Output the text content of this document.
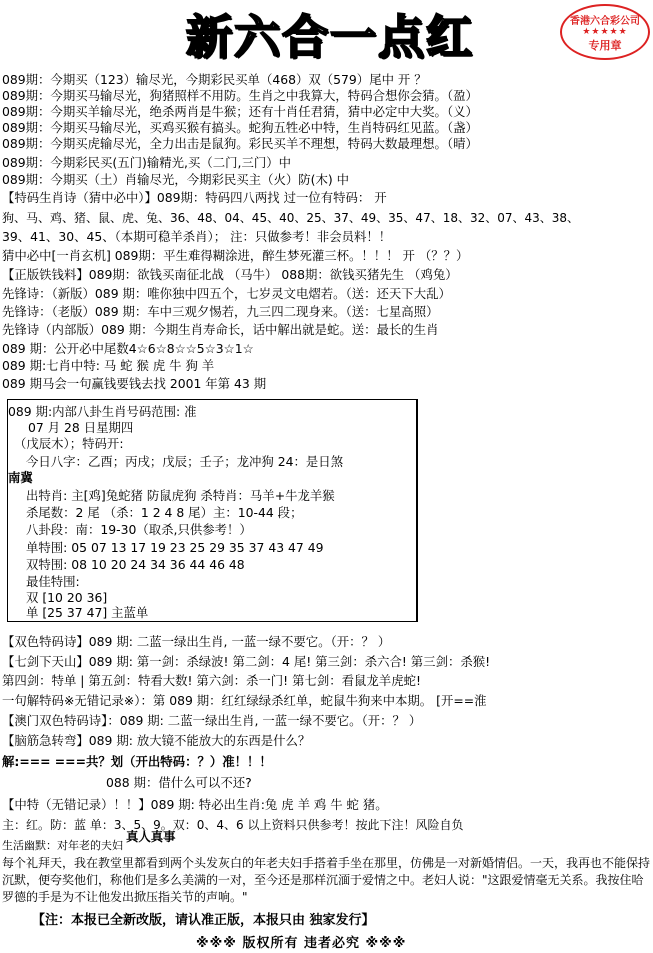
新六合一点红	香港六合彩公司
★★★★★
专用章
089期：今期买（123）输尽光，今期彩民买单（468）双（579）尾中 开 ？
089期：今期买马输尽光，狗猪照样不用防。生肖之中我算大，特码合想你会猜。（盈）
089期：今期买羊输尽光，绝杀两肖是牛猴；还有十肖任君猜，猜中必定中大奖。（义）
089期：今期买马输尽光，买鸡买猴有搞头。蛇狗五牲必中特，生肖特码红见蓝。（盏）
089期：今期买虎输尽光，全力出击是鼠狗。彩民买羊不理想，特码大数最理想。（晴）
089期：今期彩民买(五门)输精光,买（二门,三门）中
089期：今期买（土）肖输尽光，今期彩民买主（火）防(木) 中
【特码生肖诗（猜中必中）】089期：特码四八两找 过一位有特码： 开
狗、马、鸡、猪、鼠、虎、兔、36、48、04、45、40、25、37、49、35、47、18、32、07、43、38、
39、41、30、45、（本期可稳羊杀肖）； 注：只做参考！非会员料！！
猜中必中[一肖玄机] 089期：平生难得糊涂进，醉生梦死灌三杯。！！！ 开 （？？）
【正版铁钱料】089期：欲钱买南征北战 （马牛） 088期：欲钱买猪先生 （鸡兔）
先锋诗：（新版）089 期：唯你独中四五个，七岁灵文电熠若。（送：还天下大乱）
先锋诗：（老版）089 期：车中三观夕惕若，九三四二现身来。（送：七星高照）
先锋诗（内部版）089 期：今期生肖寿命长，话中解出就是蛇。送：最长的生肖
089 期：公开必中尾数4☆6☆8☆☆5☆3☆1☆
089 期:七肖中特: 马 蛇 猴 虎 牛 狗 羊
089 期马会一句赢钱要钱去找 2001 年第 43 期
089 期:内部八卦生肖号码范围: 准
07 月 28 日星期四
（戊辰木）；特码开:
今日八字：乙酉；丙戌；戊辰；壬子；龙冲狗 24：是日煞
南冀
出特肖: 主[鸡]兔蛇猪 防鼠虎狗 杀特肖：马羊+牛龙羊猴
杀尾数：2 尾 （杀：1 2 4 8 尾）主：10-44 段；
八卦段：南：19-30（取杀,只供参考！）
单特围: 05 07 13 17 19 23 25 29 35 37 43 47 49
双特围: 08 10 20 24 34 36 44 46 48
最佳特围:
双 [10 20 36]
单 [25 37 47] 主蓝单
【双色特码诗】089 期: 二蓝一绿出生肖, 一蓝一绿不要它。（开：？ ）
【七剑下天山】089 期: 第一剑：杀绿波! 第二剑：4 尾! 第三剑：杀六合! 第三剑：杀猴!
第四剑：特单 | 第五剑：特看大数! 第六剑：杀一门! 第七剑：看鼠龙羊虎蛇!
一句解特码※无错记录※）：第 089 期：红红绿绿杀红单，蛇鼠牛狗来中本期。 [开==淮
【澳门双色特码诗】：089 期: 二蓝一绿出生肖, 一蓝一绿不要它。（开：？ ）
【脑筋急转弯】089 期: 放大镜不能放大的东西是什么？
解:=== ===共？划（开出特码：？）准！！！
088 期：借什么可以不还?
【中特（无错记录）！！】089 期: 特必出生肖:兔 虎 羊 鸡 牛 蛇 猪。
主：红。防：蓝 单：3、5、9。双：0、4、6 以上资料只供参考！按此下注！风险自负
生活幽默：对年老的夫妇
真人真事
每个礼拜天，我在教堂里都看到两个头发灰白的年老夫妇手搭着手坐在那里，仿佛是一对新婚情侣。一天，我再也不能保持沉默，便夸奖他们，称他们是多么美满的一对，至今还是那样沉湎于爱情之中。老妇人说："这跟爱情毫无关系。我按住哈罗德的手是为不让他发出掀压指关节的声响。"
【注：本报已全新改版，请认准正版，本报只由 独家发行】
※※※ 版权所有 违者必究 ※※※
